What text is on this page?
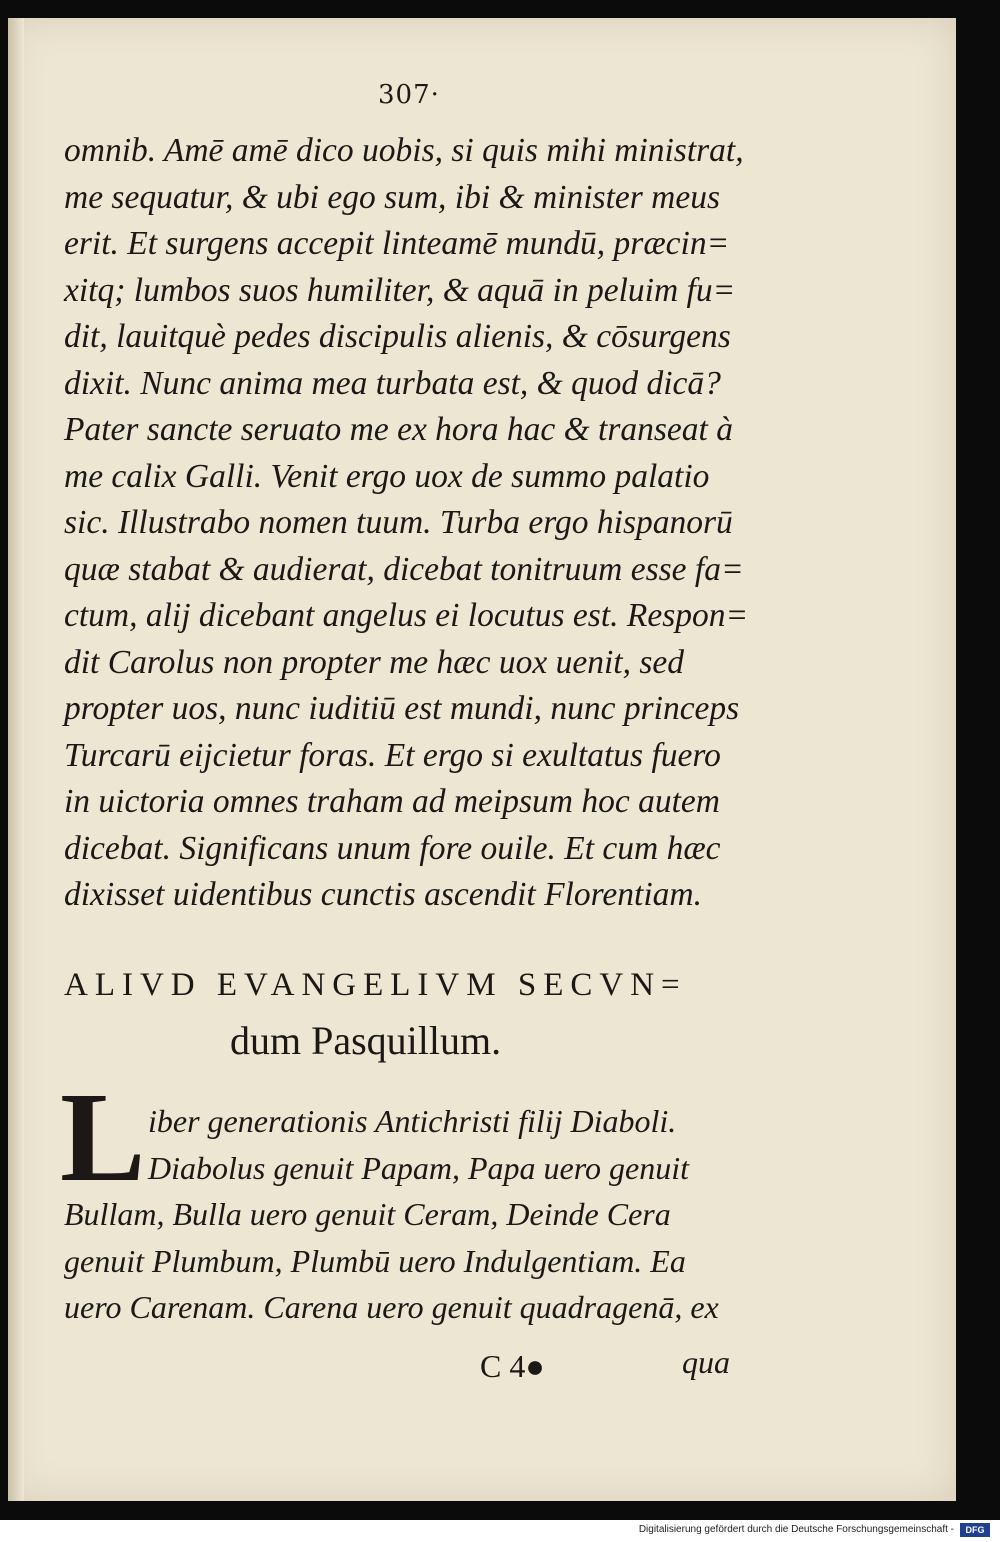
307·
omnib. Amē amē dico uobis, si quis mihi ministrat,
me sequatur, & ubi ego sum, ibi & minister meus
erit. Et surgens accepit linteamē mundū, præcin=
xitq; lumbos suos humiliter, & aquā in peluim fu=
dit, lauitquè pedes discipulis alienis, & cōsurgens
dixit. Nunc anima mea turbata est, & quod dicā?
Pater sancte seruato me ex hora hac & transeat à
me calix Galli. Venit ergo uox de summo palatio
sic. Illustrabo nomen tuum. Turba ergo hispanorū
quæ stabat & audierat, dicebat tonitruum esse fa=
ctum, alij dicebant angelus ei locutus est. Respon=
dit Carolus non propter me hæc uox uenit, sed
propter uos, nunc iuditiū est mundi, nunc princeps
Turcarū eijcietur foras. Et ergo si exultatus fuero
in uictoria omnes traham ad meipsum hoc autem
dicebat. Significans unum fore ouile. Et cum hæc
dixisset uidentibus cunctis ascendit Florentiam.
ALIVD EVANGELIVM SECVN=
dum Pasquillum.
L iber generationis Antichristi filij Diaboli.
Diabolus genuit Papam, Papa uero genuit
Bullam, Bulla uero genuit Ceram, Deinde Cera
genuit Plumbum, Plumbū uero Indulgentiam. Ea
uero Carenam. Carena uero genuit quadragenā, ex
C 4●	qua
Digitalisierung gefördert durch die Deutsche Forschungsgemeinschaft -	DFG
